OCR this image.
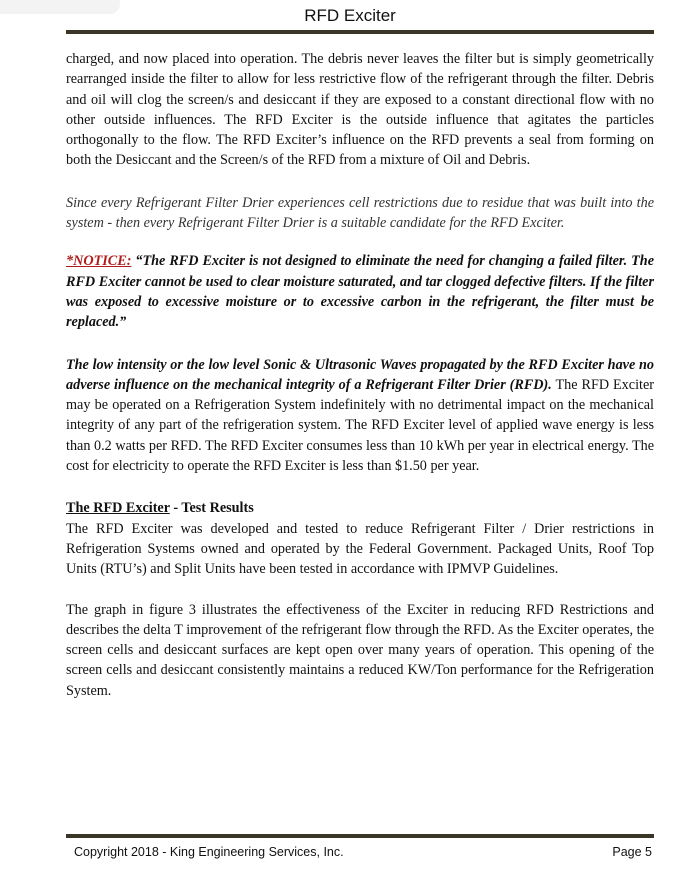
RFD Exciter

charged, and now placed into operation. The debris never leaves the filter but is simply geometrically rearranged inside the filter to allow for less restrictive flow of the refrigerant through the filter. Debris and oil will clog the screen/s and desiccant if they are exposed to a constant directional flow with no other outside influences. The RFD Exciter is the outside influence that agitates the particles orthogonally to the flow. The RFD Exciter’s influence on the RFD prevents a seal from forming on both the Desiccant and the Screen/s of the RFD from a mixture of Oil and Debris.

Since every Refrigerant Filter Drier experiences cell restrictions due to residue that was built into the system - then every Refrigerant Filter Drier is a suitable candidate for the RFD Exciter.

*NOTICE: “The RFD Exciter is not designed to eliminate the need for changing a failed filter. The RFD Exciter cannot be used to clear moisture saturated, and tar clogged defective filters. If the filter was exposed to excessive moisture or to excessive carbon in the refrigerant, the filter must be replaced.”

The low intensity or the low level Sonic & Ultrasonic Waves propagated by the RFD Exciter have no adverse influence on the mechanical integrity of a Refrigerant Filter Drier (RFD). The RFD Exciter may be operated on a Refrigeration System indefinitely with no detrimental impact on the mechanical integrity of any part of the refrigeration system. The RFD Exciter level of applied wave energy is less than 0.2 watts per RFD. The RFD Exciter consumes less than 10 kWh per year in electrical energy. The cost for electricity to operate the RFD Exciter is less than $1.50 per year.

The RFD Exciter - Test Results

The RFD Exciter was developed and tested to reduce Refrigerant Filter / Drier restrictions in Refrigeration Systems owned and operated by the Federal Government. Packaged Units, Roof Top Units (RTU’s) and Split Units have been tested in accordance with IPMVP Guidelines.

The graph in figure 3 illustrates the effectiveness of the Exciter in reducing RFD Restrictions and describes the delta T improvement of the refrigerant flow through the RFD. As the Exciter operates, the screen cells and desiccant surfaces are kept open over many years of operation. This opening of the screen cells and desiccant consistently maintains a reduced KW/Ton performance for the Refrigeration System.

Copyright 2018 - King Engineering Services, Inc.	Page 5
